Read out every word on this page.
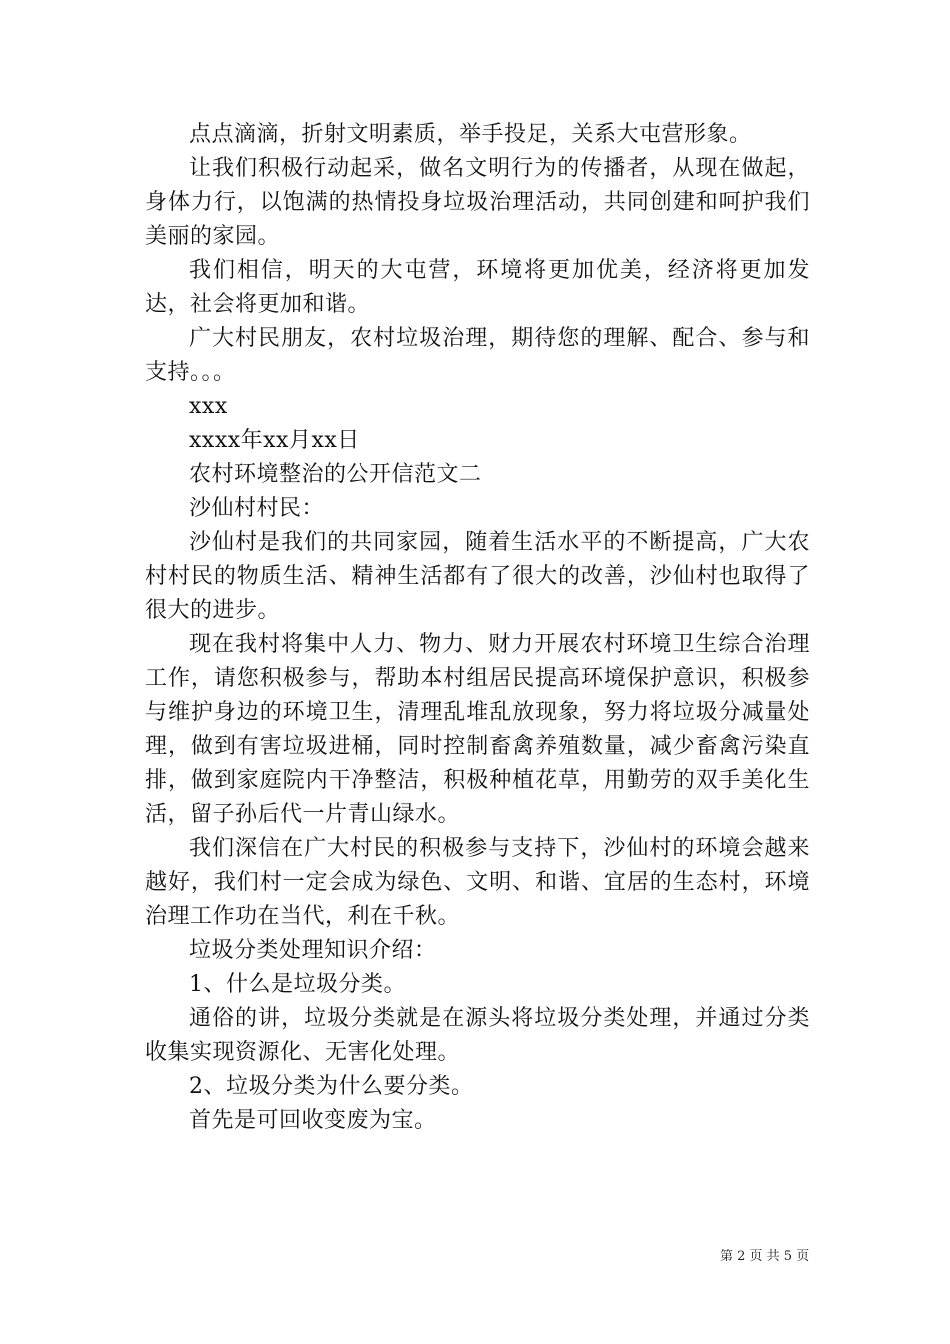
点点滴滴，折射文明素质，举手投足，关系大屯营形象。

让我们积极行动起采，做名文明行为的传播者，从现在做起，身体力行，以饱满的热情投身垃圾治理活动，共同创建和呵护我们美丽的家园。

我们相信，明天的大屯营，环境将更加优美，经济将更加发达，社会将更加和谐。

广大村民朋友，农村垃圾治理，期待您的理解、配合、参与和支持。。。

xxx

xxxx年xx月xx日

农村环境整治的公开信范文二

沙仙村村民：

沙仙村是我们的共同家园，随着生活水平的不断提高，广大农村村民的物质生活、精神生活都有了很大的改善，沙仙村也取得了很大的进步。

现在我村将集中人力、物力、财力开展农村环境卫生综合治理工作，请您积极参与，帮助本村组居民提高环境保护意识，积极参与维护身边的环境卫生，清理乱堆乱放现象，努力将垃圾分减量处理，做到有害垃圾进桶，同时控制畜禽养殖数量，减少畜禽污染直排，做到家庭院内干净整洁，积极种植花草，用勤劳的双手美化生活，留子孙后代一片青山绿水。

我们深信在广大村民的积极参与支持下，沙仙村的环境会越来越好，我们村一定会成为绿色、文明、和谐、宜居的生态村，环境治理工作功在当代，利在千秋。

垃圾分类处理知识介绍：

1、什么是垃圾分类。

通俗的讲，垃圾分类就是在源头将垃圾分类处理，并通过分类收集实现资源化、无害化处理。

2、垃圾分类为什么要分类。

首先是可回收变废为宝。

第 2 页 共 5 页
